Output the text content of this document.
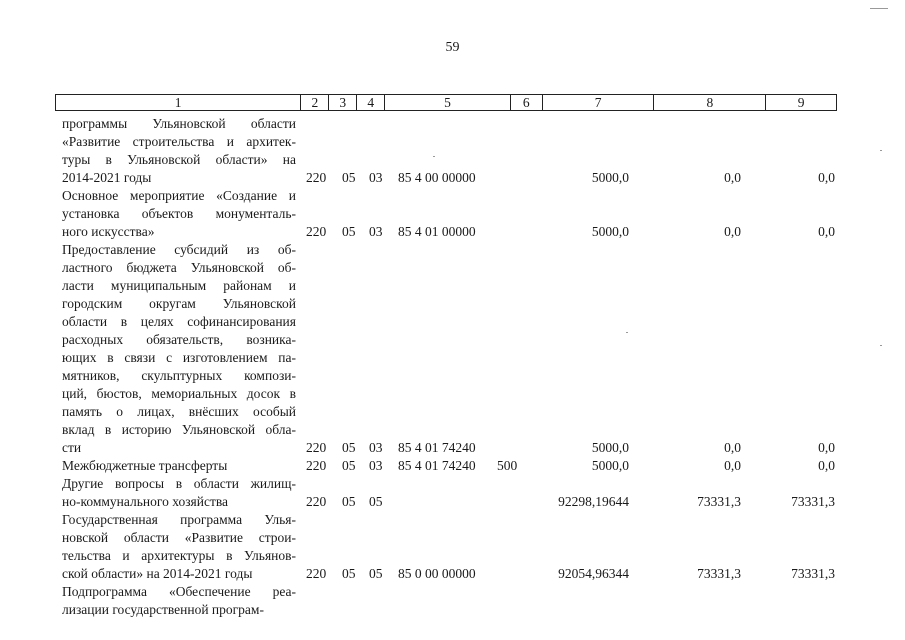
59
1	2	3	4	5	6	7	8	9
программы Ульяновской области
«Развитие строительства и архитек-
туры в Ульяновской области» на
2014-2021 годы	220 05 03 85 4 00 00000	5000,0	0,0	0,0
Основное мероприятие «Создание и
установка объектов монументаль-
ного искусства»	220 05 03 85 4 01 00000	5000,0	0,0	0,0
Предоставление субсидий из об-
ластного бюджета Ульяновской об-
ласти муниципальным районам и
городским округам Ульяновской
области в целях софинансирования
расходных обязательств, возника-
ющих в связи с изготовлением па-
мятников, скульптурных компози-
ций, бюстов, мемориальных досок в
память о лицах, внёсших особый
вклад в историю Ульяновской обла-
сти	220 05 03 85 4 01 74240	5000,0	0,0	0,0
Межбюджетные трансферты	220 05 03 85 4 01 74240 500	5000,0	0,0	0,0
Другие вопросы в области жилищ-
но-коммунального хозяйства	220 05 05	92298,19644	73331,3	73331,3
Государственная программа Улья-
новской области «Развитие строи-
тельства и архитектуры в Ульянов-
ской области» на 2014-2021 годы	220 05 05 85 0 00 00000	92054,96344	73331,3	73331,3
Подпрограмма «Обеспечение реа-
лизации государственной програм-
